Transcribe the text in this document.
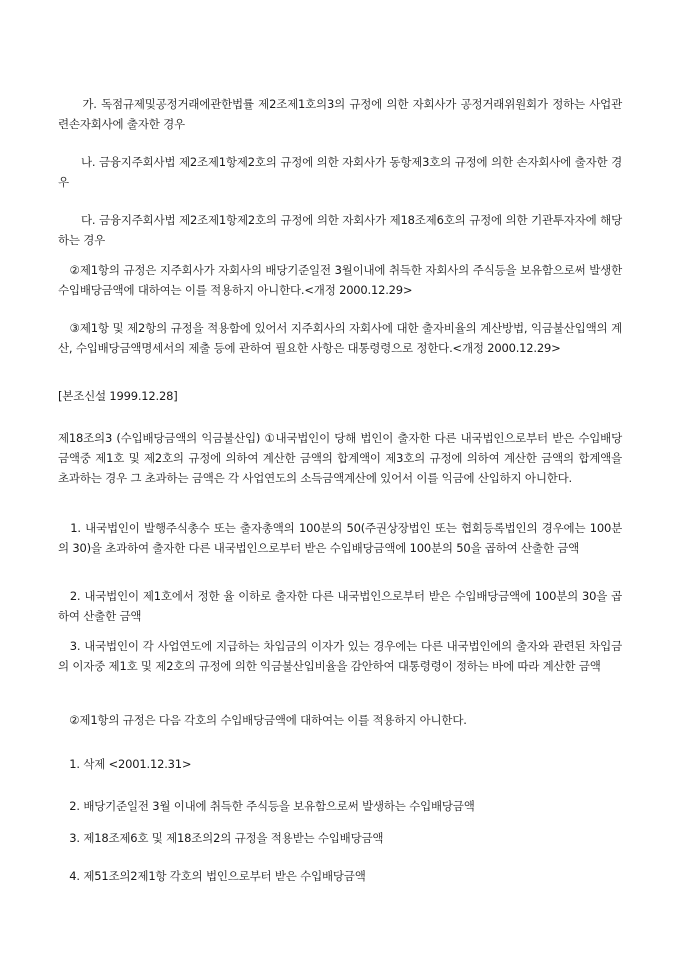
　　가. 독점규제및공정거래에관한법률 제2조제1호의3의 규정에 의한 자회사가 공정거래위원회가 정하는 사업관련손자회사에 출자한 경우

　　나. 금융지주회사법 제2조제1항제2호의 규정에 의한 자회사가 동항제3호의 규정에 의한 손자회사에 출자한 경우

　　다. 금융지주회사법 제2조제1항제2호의 규정에 의한 자회사가 제18조제6호의 규정에 의한 기관투자자에 해당하는 경우

　②제1항의 규정은 지주회사가 자회사의 배당기준일전 3월이내에 취득한 자회사의 주식등을 보유함으로써 발생한 수입배당금액에 대하여는 이를 적용하지 아니한다.<개정 2000.12.29>

　③제1항 및 제2항의 규정을 적용함에 있어서 지주회사의 자회사에 대한 출자비율의 계산방법, 익금불산입액의 계산, 수입배당금액명세서의 제출 등에 관하여 필요한 사항은 대통령령으로 정한다.<개정 2000.12.29>

[본조신설 1999.12.28]

제18조의3 (수입배당금액의 익금불산입) ①내국법인이 당해 법인이 출자한 다른 내국법인으로부터 받은 수입배당금액중 제1호 및 제2호의 규정에 의하여 계산한 금액의 합계액이 제3호의 규정에 의하여 계산한 금액의 합계액을 초과하는 경우 그 초과하는 금액은 각 사업연도의 소득금액계산에 있어서 이를 익금에 산입하지 아니한다.

　1. 내국법인이 발행주식총수 또는 출자총액의 100분의 50(주권상장법인 또는 협회등록법인의 경우에는 100분의 30)을 초과하여 출자한 다른 내국법인으로부터 받은 수입배당금액에 100분의 50을 곱하여 산출한 금액

　2. 내국법인이 제1호에서 정한 율 이하로 출자한 다른 내국법인으로부터 받은 수입배당금액에 100분의 30을 곱하여 산출한 금액

　3. 내국법인이 각 사업연도에 지급하는 차입금의 이자가 있는 경우에는 다른 내국법인에의 출자와 관련된 차입금의 이자중 제1호 및 제2호의 규정에 의한 익금불산입비율을 감안하여 대통령령이 정하는 바에 따라 계산한 금액

　②제1항의 규정은 다음 각호의 수입배당금액에 대하여는 이를 적용하지 아니한다.

　1. 삭제 <2001.12.31>

　2. 배당기준일전 3월 이내에 취득한 주식등을 보유함으로써 발생하는 수입배당금액

　3. 제18조제6호 및 제18조의2의 규정을 적용받는 수입배당금액

　4. 제51조의2제1항 각호의 법인으로부터 받은 수입배당금액
